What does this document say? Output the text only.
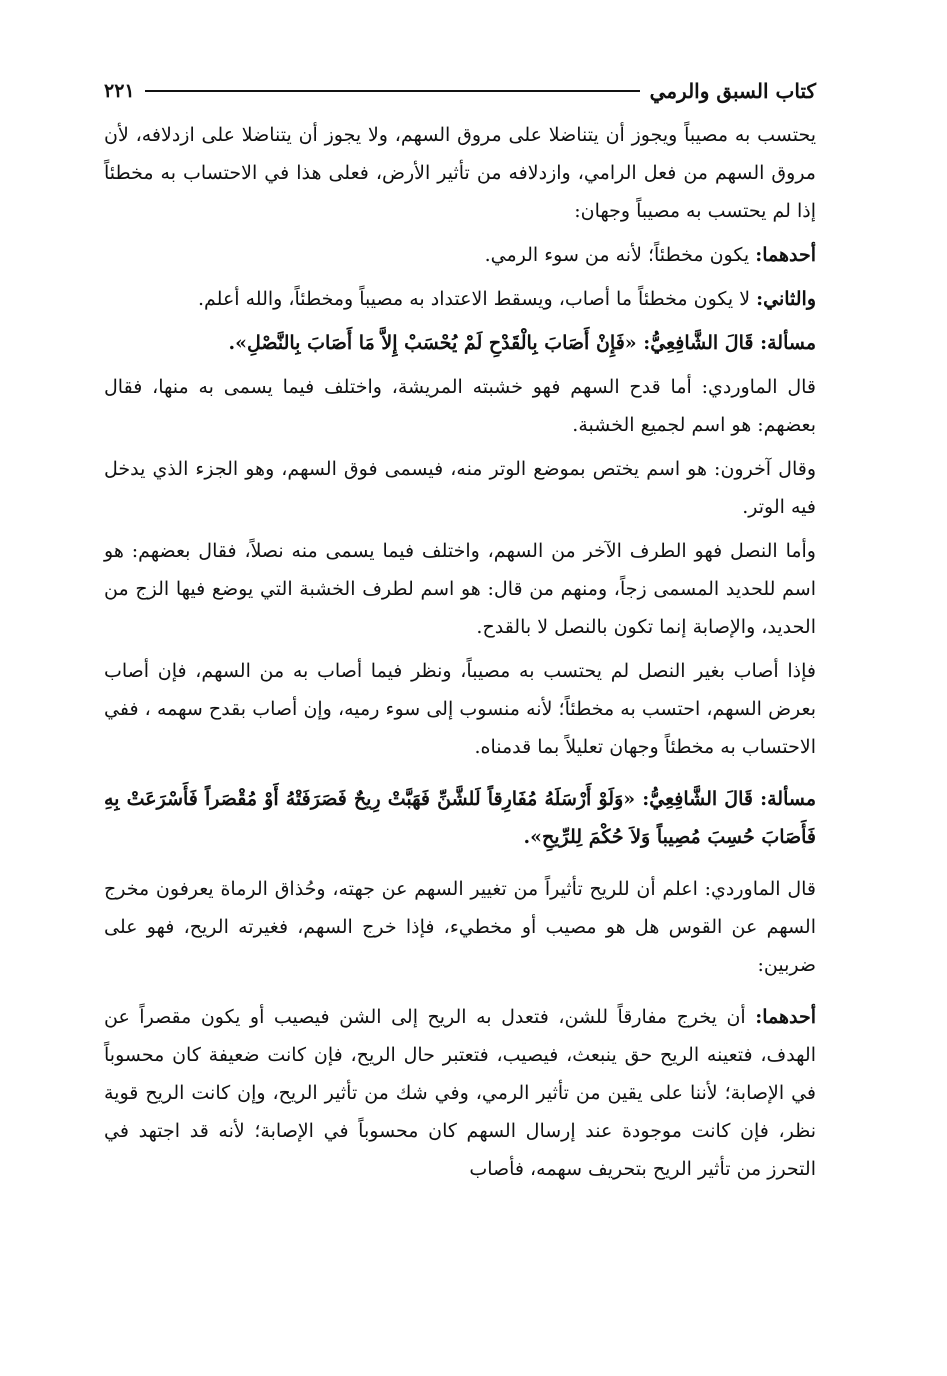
كتاب السبق والرمي
٢٢١

يحتسب به مصيباً ويجوز أن يتناضلا على مروق السهم، ولا يجوز أن يتناضلا على ازدلافه، لأن مروق السهم من فعل الرامي، وازدلافه من تأثير الأرض، فعلى هذا في الاحتساب به مخطئاً إذا لم يحتسب به مصيباً وجهان:

أحدهما: يكون مخطئاً؛ لأنه من سوء الرمي.

والثاني: لا يكون مخطئاً ما أصاب، ويسقط الاعتداد به مصيباً ومخطئاً، والله أعلم.

مسألة: قَالَ الشَّافِعِيُّ: «فَإِنْ أَصَابَ بِالْقَدْحِ لَمْ يُحْسَبْ إِلاَّ مَا أَصَابَ بِالنَّصْلِ».

قال الماوردي: أما قدح السهم فهو خشبته المريشة، واختلف فيما يسمى به منها، فقال بعضهم: هو اسم لجميع الخشبة.

وقال آخرون: هو اسم يختص بموضع الوتر منه، فيسمى فوق السهم، وهو الجزء الذي يدخل فيه الوتر.

وأما النصل فهو الطرف الآخر من السهم، واختلف فيما يسمى منه نصلاً، فقال بعضهم: هو اسم للحديد المسمى زجاً، ومنهم من قال: هو اسم لطرف الخشبة التي يوضع فيها الزج من الحديد، والإصابة إنما تكون بالنصل لا بالقدح.

فإذا أصاب بغير النصل لم يحتسب به مصيباً، ونظر فيما أصاب به من السهم، فإن أصاب بعرض السهم، احتسب به مخطئاً؛ لأنه منسوب إلى سوء رميه، وإن أصاب بقدح سهمه ، ففي الاحتساب به مخطئاً وجهان تعليلاً بما قدمناه.

مسألة: قَالَ الشَّافِعِيُّ: «وَلَوْ أَرْسَلَهُ مُفَارِقاً لَلشَّنِّ فَهَبَّتْ رِيحٌ فَصَرَفَتْهُ أَوْ مُقْصَراً فَأَسْرَعَتْ بِهِ فَأَصَابَ حُسِبَ مُصِيباً وَلاَ حُكْمَ لِلرِّيحِ».

قال الماوردي: اعلم أن للريح تأثيراً من تغيير السهم عن جهته، وحُذاق الرماة يعرفون مخرج السهم عن القوس هل هو مصيب أو مخطيء، فإذا خرج السهم، فغيرته الريح، فهو على ضربين:

أحدهما: أن يخرج مفارقاً للشن، فتعدل به الريح إلى الشن فيصيب أو يكون مقصراً عن الهدف، فتعينه الريح حق ينبعث، فيصيب، فتعتبر حال الريح، فإن كانت ضعيفة كان محسوباً في الإصابة؛ لأننا على يقين من تأثير الرمي، وفي شك من تأثير الريح، وإن كانت الريح قوية نظر، فإن كانت موجودة عند إرسال السهم كان محسوباً في الإصابة؛ لأنه قد اجتهد في التحرز من تأثير الريح بتحريف سهمه، فأصاب
